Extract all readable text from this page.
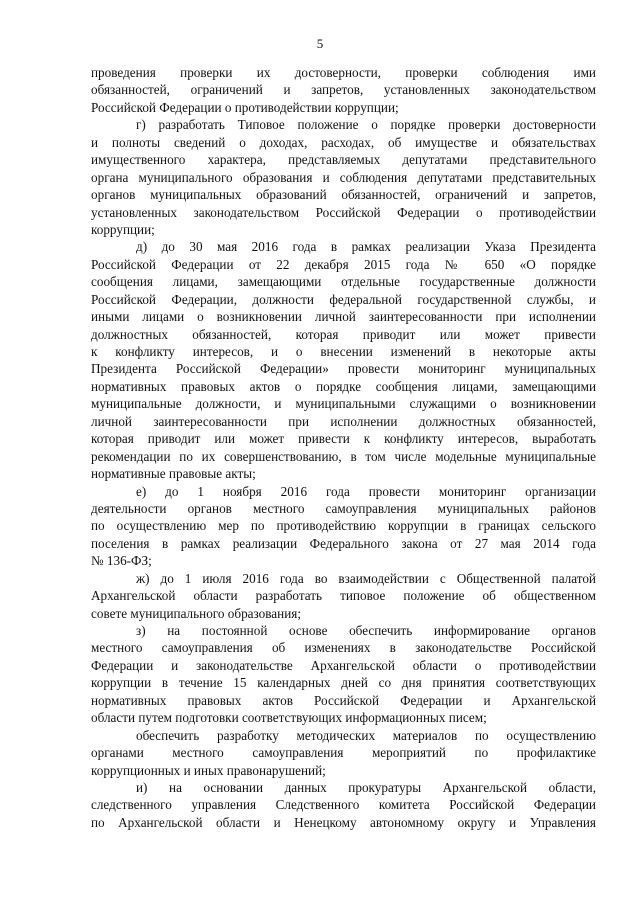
5
проведения проверки их достоверности, проверки соблюдения ими
обязанностей, ограничений и запретов, установленных законодательством
Российской Федерации о противодействии коррупции;
г) разработать Типовое положение о порядке проверки достоверности
и полноты сведений о доходах, расходах, об имуществе и обязательствах
имущественного характера, представляемых депутатами представительного
органа муниципального образования и соблюдения депутатами представительных
органов муниципальных образований обязанностей, ограничений и запретов,
установленных законодательством Российской Федерации о противодействии
коррупции;
д) до 30 мая 2016 года в рамках реализации Указа Президента
Российской Федерации от 22 декабря 2015 года № 650 «О порядке
сообщения лицами, замещающими отдельные государственные должности
Российской Федерации, должности федеральной государственной службы, и
иными лицами о возникновении личной заинтересованности при исполнении
должностных обязанностей, которая приводит или может привести
к конфликту интересов, и о внесении изменений в некоторые акты
Президента Российской Федерации» провести мониторинг муниципальных
нормативных правовых актов о порядке сообщения лицами, замещающими
муниципальные должности, и муниципальными служащими о возникновении
личной заинтересованности при исполнении должностных обязанностей,
которая приводит или может привести к конфликту интересов, выработать
рекомендации по их совершенствованию, в том числе модельные муниципальные
нормативные правовые акты;
е) до 1 ноября 2016 года провести мониторинг организации
деятельности органов местного самоуправления муниципальных районов
по осуществлению мер по противодействию коррупции в границах сельского
поселения в рамках реализации Федерального закона от 27 мая 2014 года
№ 136-ФЗ;
ж) до 1 июля 2016 года во взаимодействии с Общественной палатой
Архангельской области разработать типовое положение об общественном
совете муниципального образования;
з) на постоянной основе обеспечить информирование органов
местного самоуправления об изменениях в законодательстве Российской
Федерации и законодательстве Архангельской области о противодействии
коррупции в течение 15 календарных дней со дня принятия соответствующих
нормативных правовых актов Российской Федерации и Архангельской
области путем подготовки соответствующих информационных писем;
обеспечить разработку методических материалов по осуществлению
органами местного самоуправления мероприятий по профилактике
коррупционных и иных правонарушений;
и) на основании данных прокуратуры Архангельской области,
следственного управления Следственного комитета Российской Федерации
по Архангельской области и Ненецкому автономному округу и Управления
